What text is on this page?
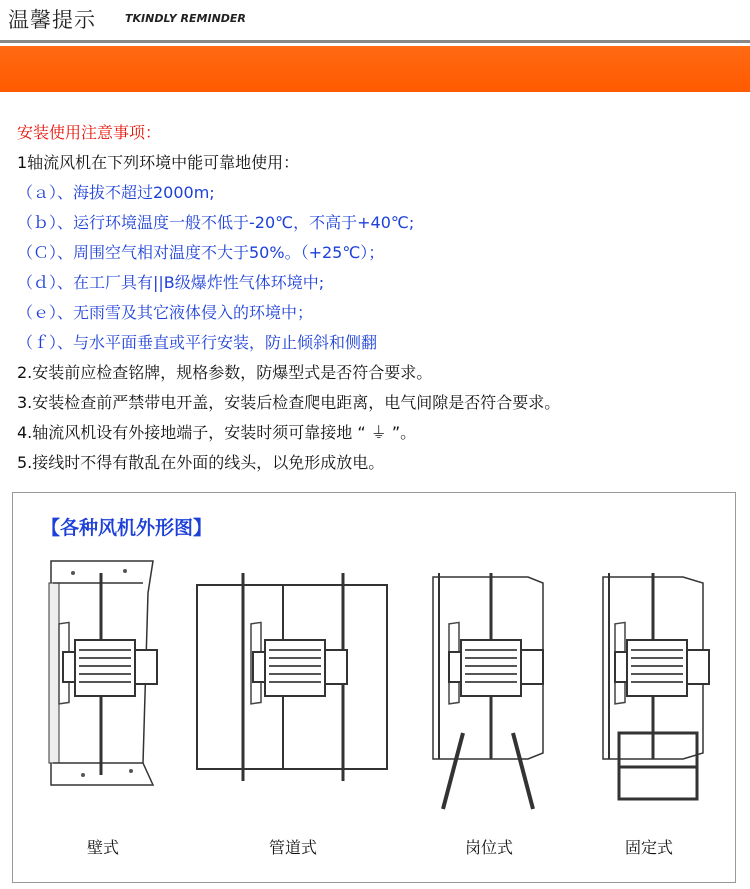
温馨提示	TKINDLY REMINDER
安装使用注意事项：
1轴流风机在下列环境中能可靠地使用：
（ａ）、海拔不超过2000m;
（ｂ）、运行环境温度一般不低于-20℃，不高于+40℃;
（Ｃ）、周围空气相对温度不大于50%。（+25℃）；
（ｄ）、在工厂具有||B级爆炸性气体环境中;
（ｅ）、无雨雪及其它液体侵入的环境中；
（ｆ）、与水平面垂直或平行安装，防止倾斜和侧翻
2.安装前应检查铭牌，规格参数，防爆型式是否符合要求。
3.安装检查前严禁带电开盖，安装后检查爬电距离，电气间隙是否符合要求。
4.轴流风机设有外接地端子，安装时须可靠接地 “ ⏚ ”。
5.接线时不得有散乱在外面的线头，以免形成放电。
【各种风机外形图】
壁式	管道式	岗位式	固定式
